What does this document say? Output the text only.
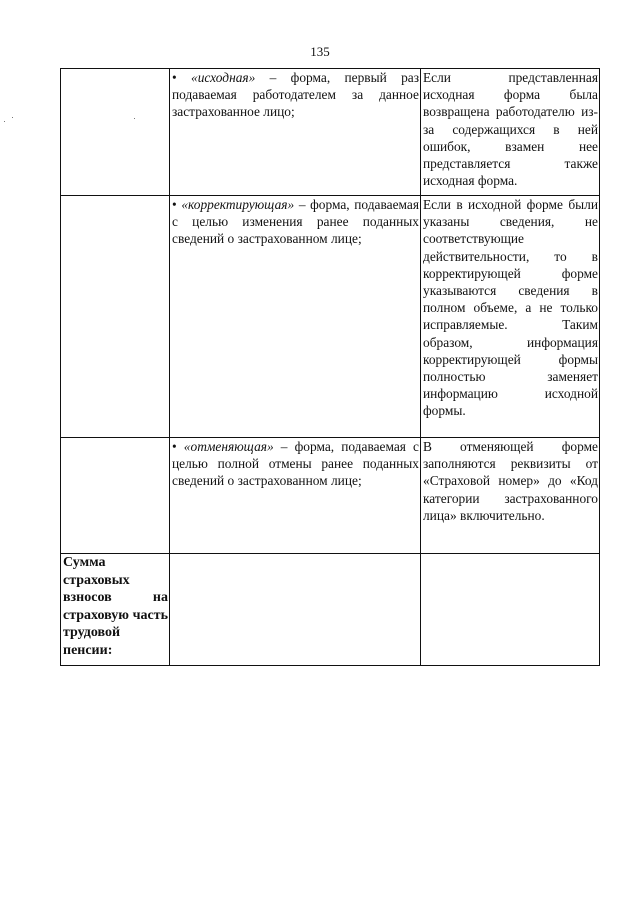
135
	• «исходная» – форма, первый раз подаваемая работодателем за данное застрахованное лицо;	Если представленная исходная форма была возвращена работодателю из-за содержащихся в ней ошибок, взамен нее представляется также исходная форма.
	• «корректирующая» – форма, подаваемая с целью изменения ранее поданных сведений о застрахованном лице;	Если в исходной форме были указаны сведения, не соответствующие действительности, то в корректирующей форме указываются сведения в полном объеме, а не только исправляемые. Таким образом, информация корректирующей формы полностью заменяет информацию исходной формы.
	• «отменяющая» – форма, подаваемая с целью полной отмены ранее поданных сведений о застрахованном лице;	В отменяющей форме заполняются реквизиты от «Страховой номер» до «Код категории застрахованного лица» включительно.
Сумма страховых взносов на страховую часть трудовой пенсии:		
